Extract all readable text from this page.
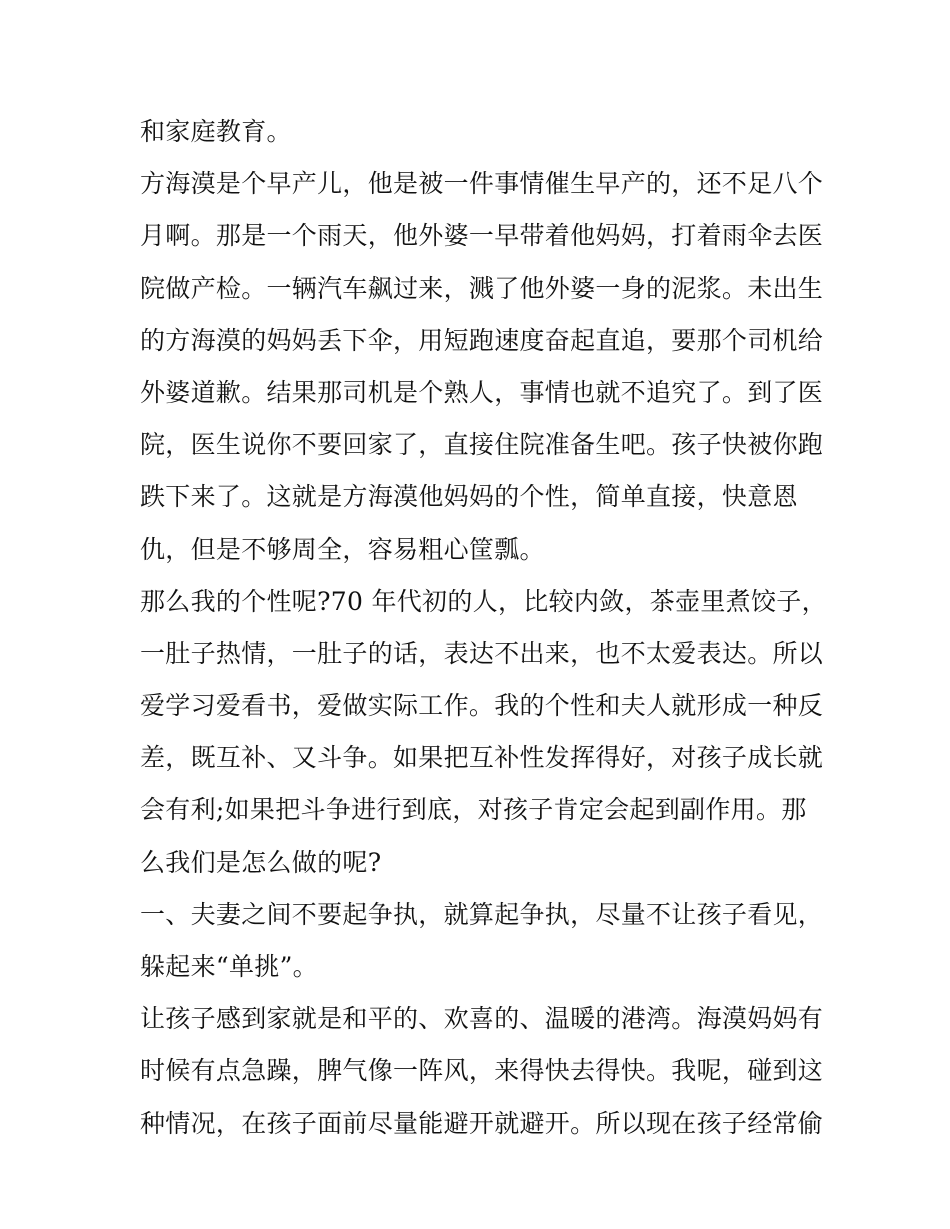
和家庭教育。
方海漠是个早产儿，他是被一件事情催生早产的，还不足八个
月啊。那是一个雨天，他外婆一早带着他妈妈，打着雨伞去医
院做产检。一辆汽车飙过来，溅了他外婆一身的泥浆。未出生
的方海漠的妈妈丢下伞，用短跑速度奋起直追，要那个司机给
外婆道歉。结果那司机是个熟人，事情也就不追究了。到了医
院，医生说你不要回家了，直接住院准备生吧。孩子快被你跑
跌下来了。这就是方海漠他妈妈的个性，简单直接，快意恩
仇，但是不够周全，容易粗心筐瓢。
那么我的个性呢?70 年代初的人，比较内敛，茶壶里煮饺子，
一肚子热情，一肚子的话，表达不出来，也不太爱表达。所以
爱学习爱看书，爱做实际工作。我的个性和夫人就形成一种反
差，既互补、又斗争。如果把互补性发挥得好，对孩子成长就
会有利;如果把斗争进行到底，对孩子肯定会起到副作用。那
么我们是怎么做的呢?
一、夫妻之间不要起争执，就算起争执，尽量不让孩子看见，
躲起来“单挑”。
让孩子感到家就是和平的、欢喜的、温暖的港湾。海漠妈妈有
时候有点急躁，脾气像一阵风，来得快去得快。我呢，碰到这
种情况，在孩子面前尽量能避开就避开。所以现在孩子经常偷
